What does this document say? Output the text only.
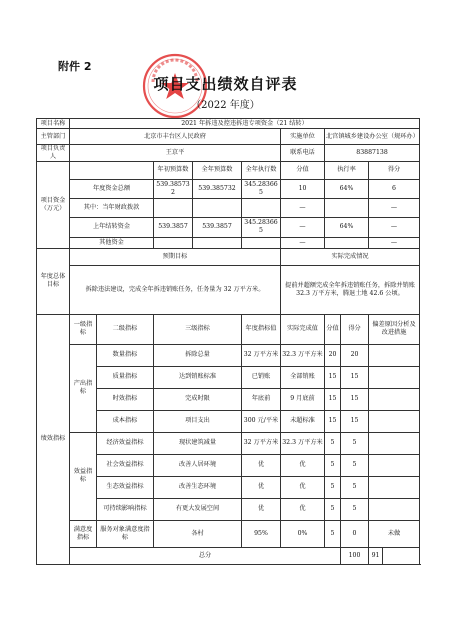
附件 2
项目支出绩效自评表
（2022 年度）
项目名称	2021 年拆违及控违拆违专项资金（21 结转）									
主管部门	北京市丰台区人民政府					实施单位	北宫镇城乡建设办公室（规环办）			
项目负责人	王京平					联系电话	83887138			
项目资金（万元）			年初预算数	全年预算数	全年执行数	分值	执行率		得分	
	年度资金总额		539.385732	539.385732	345.283665	10	64%		6	
	其中：当年财政拨款					—			—	
	上年结转资金		539.3857	539.3857	345.283665	—	64%		—	
	其他资金					—			—	
年度总体目标	预期目标					实际完成情况				
	拆除违法建设，完成全年拆违销账任务，任务量为 32 万平方米。					提前并超额完成全年拆违销账任务，拆除并销账 32.3 万平方米，腾退土地 42.6 公顷。				
绩效指标	一级指标	二级指标	三级指标		年度指标值	实际完成值	分值	得分	偏差原因分析及改进措施	
	产出指标	数量指标	拆除总量		32 万平方米	32.3 万平方米	20	20		
		质量指标	达到销账标准		已销账	全部销账	15	15		
		时效指标	完成时限		年底前	9 月底前	15	15		
		成本指标	项目支出		300 元/平米	未超标准	15	15		
	效益指标	经济效益指标	现状建筑减量		32 万平方米	32.3 万平方米	5	5		
		社会效益指标	改善人居环境		优	优	5	5		
		生态效益指标	改善生态环境		优	优	5	5		
		可持续影响指标	有更大发展空间		优	优	5	5		
	满意度指标	服务对象满意度指标	各村		95%	0%	5	0	未做	
	总分							100	91	
